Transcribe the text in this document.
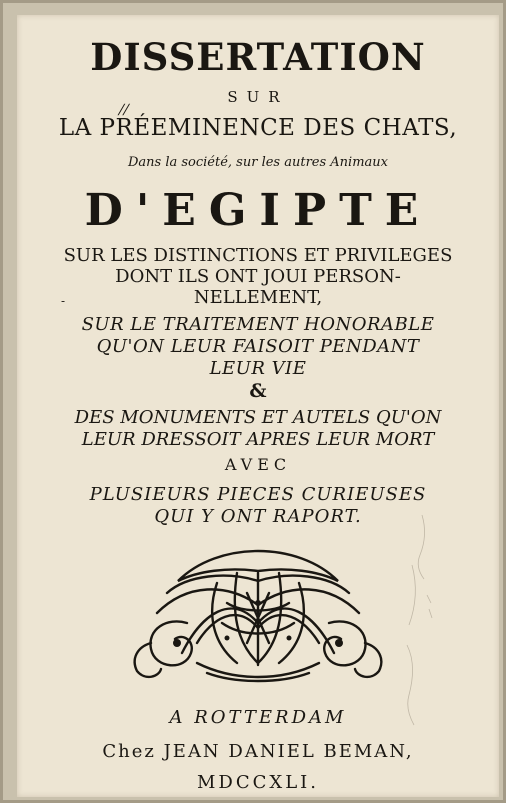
DISSERTATION
SUR
//
LA PRÉEMINENCE DES CHATS,
Dans la société, sur les autres Animaux
D'EGIPTE
SUR LES DISTINCTIONS ET PRIVILEGES
DONT ILS ONT JOUI PERSON-
NELLEMENT,
-
SUR LE TRAITEMENT HONORABLE
QU'ON LEUR FAISOIT PENDANT
LEUR VIE
&
DES MONUMENTS ET AUTELS QU'ON
LEUR DRESSOIT APRES LEUR MORT
AVEC
PLUSIEURS PIECES CURIEUSES
QUI Y ONT RAPORT.
A ROTTERDAM
Chez JEAN DANIEL BEMAN,
MDCCXLI.
